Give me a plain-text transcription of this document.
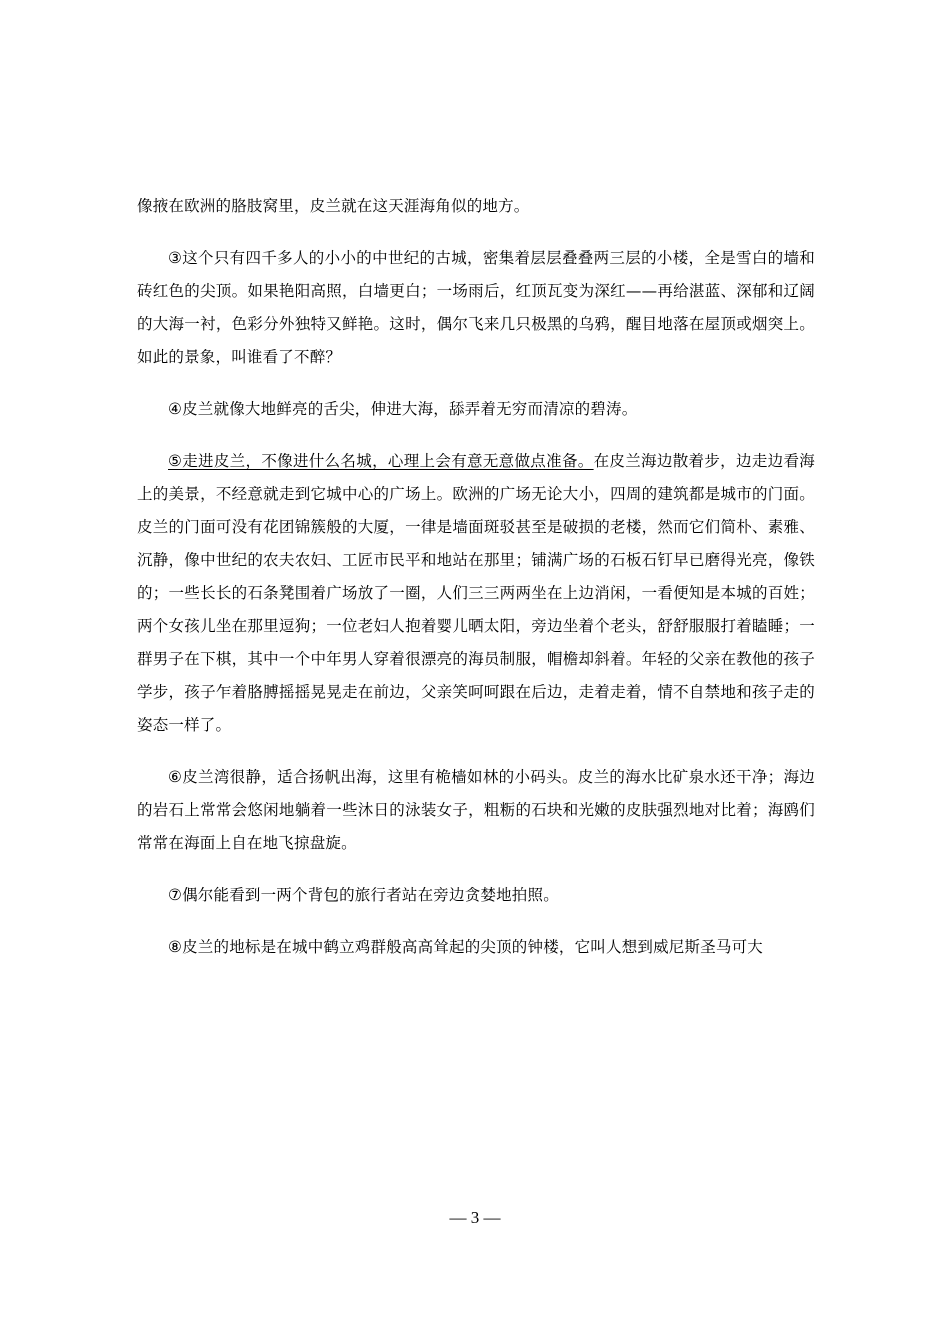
像掖在欧洲的胳肢窝里，皮兰就在这天涯海角似的地方。

③这个只有四千多人的小小的中世纪的古城，密集着层层叠叠两三层的小楼，全是雪白的墙和砖红色的尖顶。如果艳阳高照，白墙更白；一场雨后，红顶瓦变为深红——再给湛蓝、深郁和辽阔的大海一衬，色彩分外独特又鲜艳。这时，偶尔飞来几只极黑的乌鸦，醒目地落在屋顶或烟突上。如此的景象，叫谁看了不醉？

④皮兰就像大地鲜亮的舌尖，伸进大海，舔弄着无穷而清凉的碧涛。

⑤走进皮兰，不像进什么名城，心理上会有意无意做点准备。在皮兰海边散着步，边走边看海上的美景，不经意就走到它城中心的广场上。欧洲的广场无论大小，四周的建筑都是城市的门面。皮兰的门面可没有花团锦簇般的大厦，一律是墙面斑驳甚至是破损的老楼，然而它们简朴、素雅、沉静，像中世纪的农夫农妇、工匠市民平和地站在那里；铺满广场的石板石钉早已磨得光亮，像铁的；一些长长的石条凳围着广场放了一圈，人们三三两两坐在上边消闲，一看便知是本城的百姓；两个女孩儿坐在那里逗狗；一位老妇人抱着婴儿晒太阳，旁边坐着个老头，舒舒服服打着瞌睡；一群男子在下棋，其中一个中年男人穿着很漂亮的海员制服，帽檐却斜着。年轻的父亲在教他的孩子学步，孩子乍着胳膊摇摇晃晃走在前边，父亲笑呵呵跟在后边，走着走着，情不自禁地和孩子走的姿态一样了。

⑥皮兰湾很静，适合扬帆出海，这里有桅樯如林的小码头。皮兰的海水比矿泉水还干净；海边的岩石上常常会悠闲地躺着一些沐日的泳装女子，粗粝的石块和光嫩的皮肤强烈地对比着；海鸥们常常在海面上自在地飞掠盘旋。

⑦偶尔能看到一两个背包的旅行者站在旁边贪婪地拍照。

⑧皮兰的地标是在城中鹤立鸡群般高高耸起的尖顶的钟楼，它叫人想到威尼斯圣马可大

— 3 —
